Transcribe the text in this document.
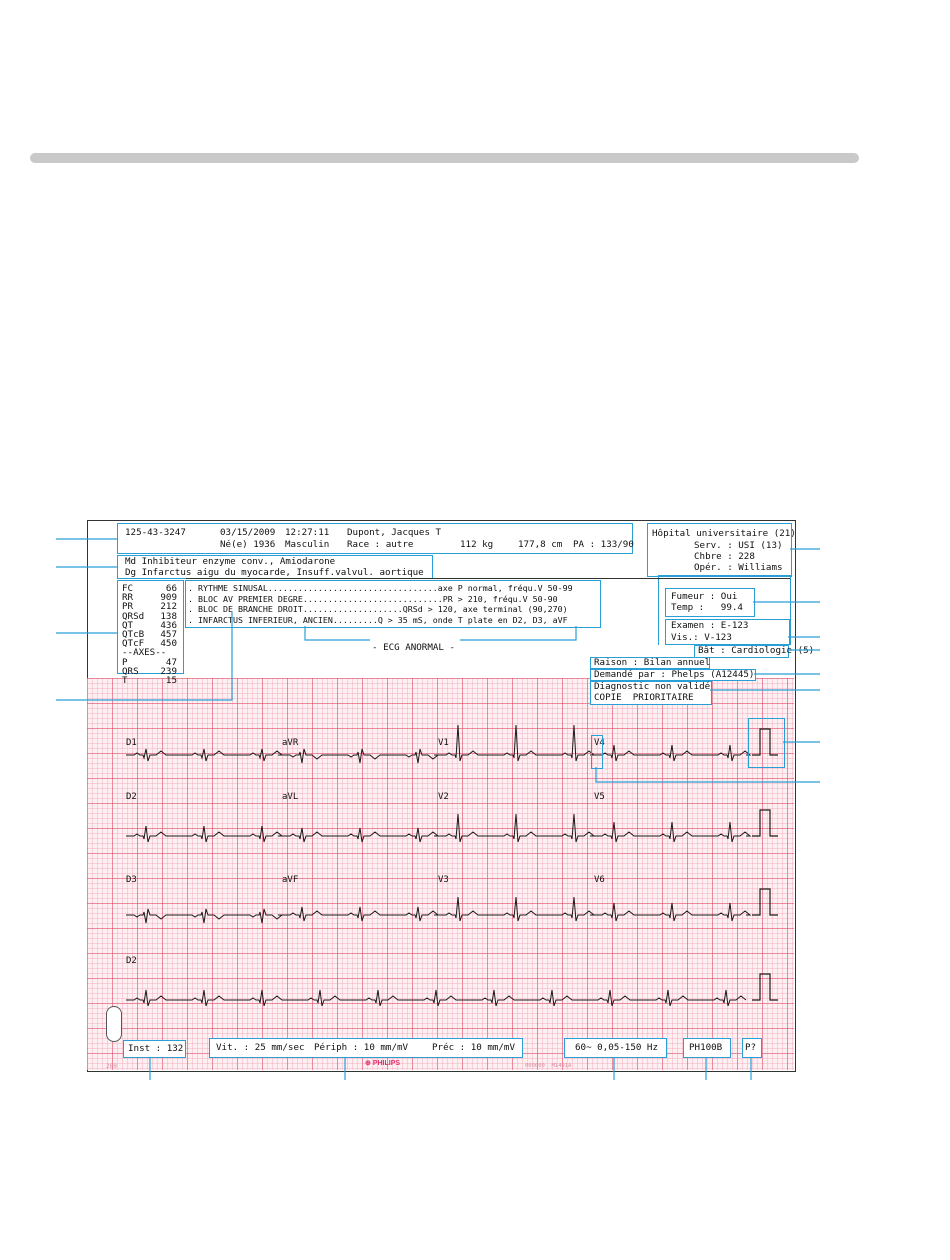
125-43-3247	03/15/2009 12:27:11 Dupont, Jacques T
Né(e) 1936 Masculin Race : autre	112 kg	177,8 cm PA : 133/90
Md Inhibiteur enzyme conv., Amiodarone
Dg Infarctus aigu du myocarde, Insuff.valvul. aortique
Hôpital universitaire (21)
Serv. : USI (13)
Chbre : 228
Opér. : Williams
FC	66
RR	909
PR	212
QRSd 138
QT	436
QTcB 457
QTcF 450
--AXES--
P	47
QRS 239
T	15
. RYTHME SINUSAL..................................axe P normal, fréqu.V 50-99
. BLOC AV PREMIER DEGRE............................PR > 210, fréqu.V 50-90
. BLOC DE BRANCHE DROIT....................QRSd > 120, axe terminal (90,270)
. INFARCTUS INFERIEUR, ANCIEN.........Q > 35 mS, onde T plate en D2, D3, aVF
- ECG ANORMAL -
Fumeur : Oui
Temp :   99.4
Examen : E-123
Vis.: V-123
Bât : Cardiologie (5)
Raison : Bilan annuel
Demandé par : Phelps (A12445)
Diagnostic non validé
COPIE  PRIORITAIRE
D1	aVR	V1	V4
D2	aVL	V2	V5
D3	aVF	V3	V6
D2
Inst : 132	Vit. : 25 mm/sec Périph : 10 mm/mV	Préc : 10 mm/mV	60~ 0,05-150 Hz	PH100B P?
200	⊕ PHILIPS	000000  M1491A
